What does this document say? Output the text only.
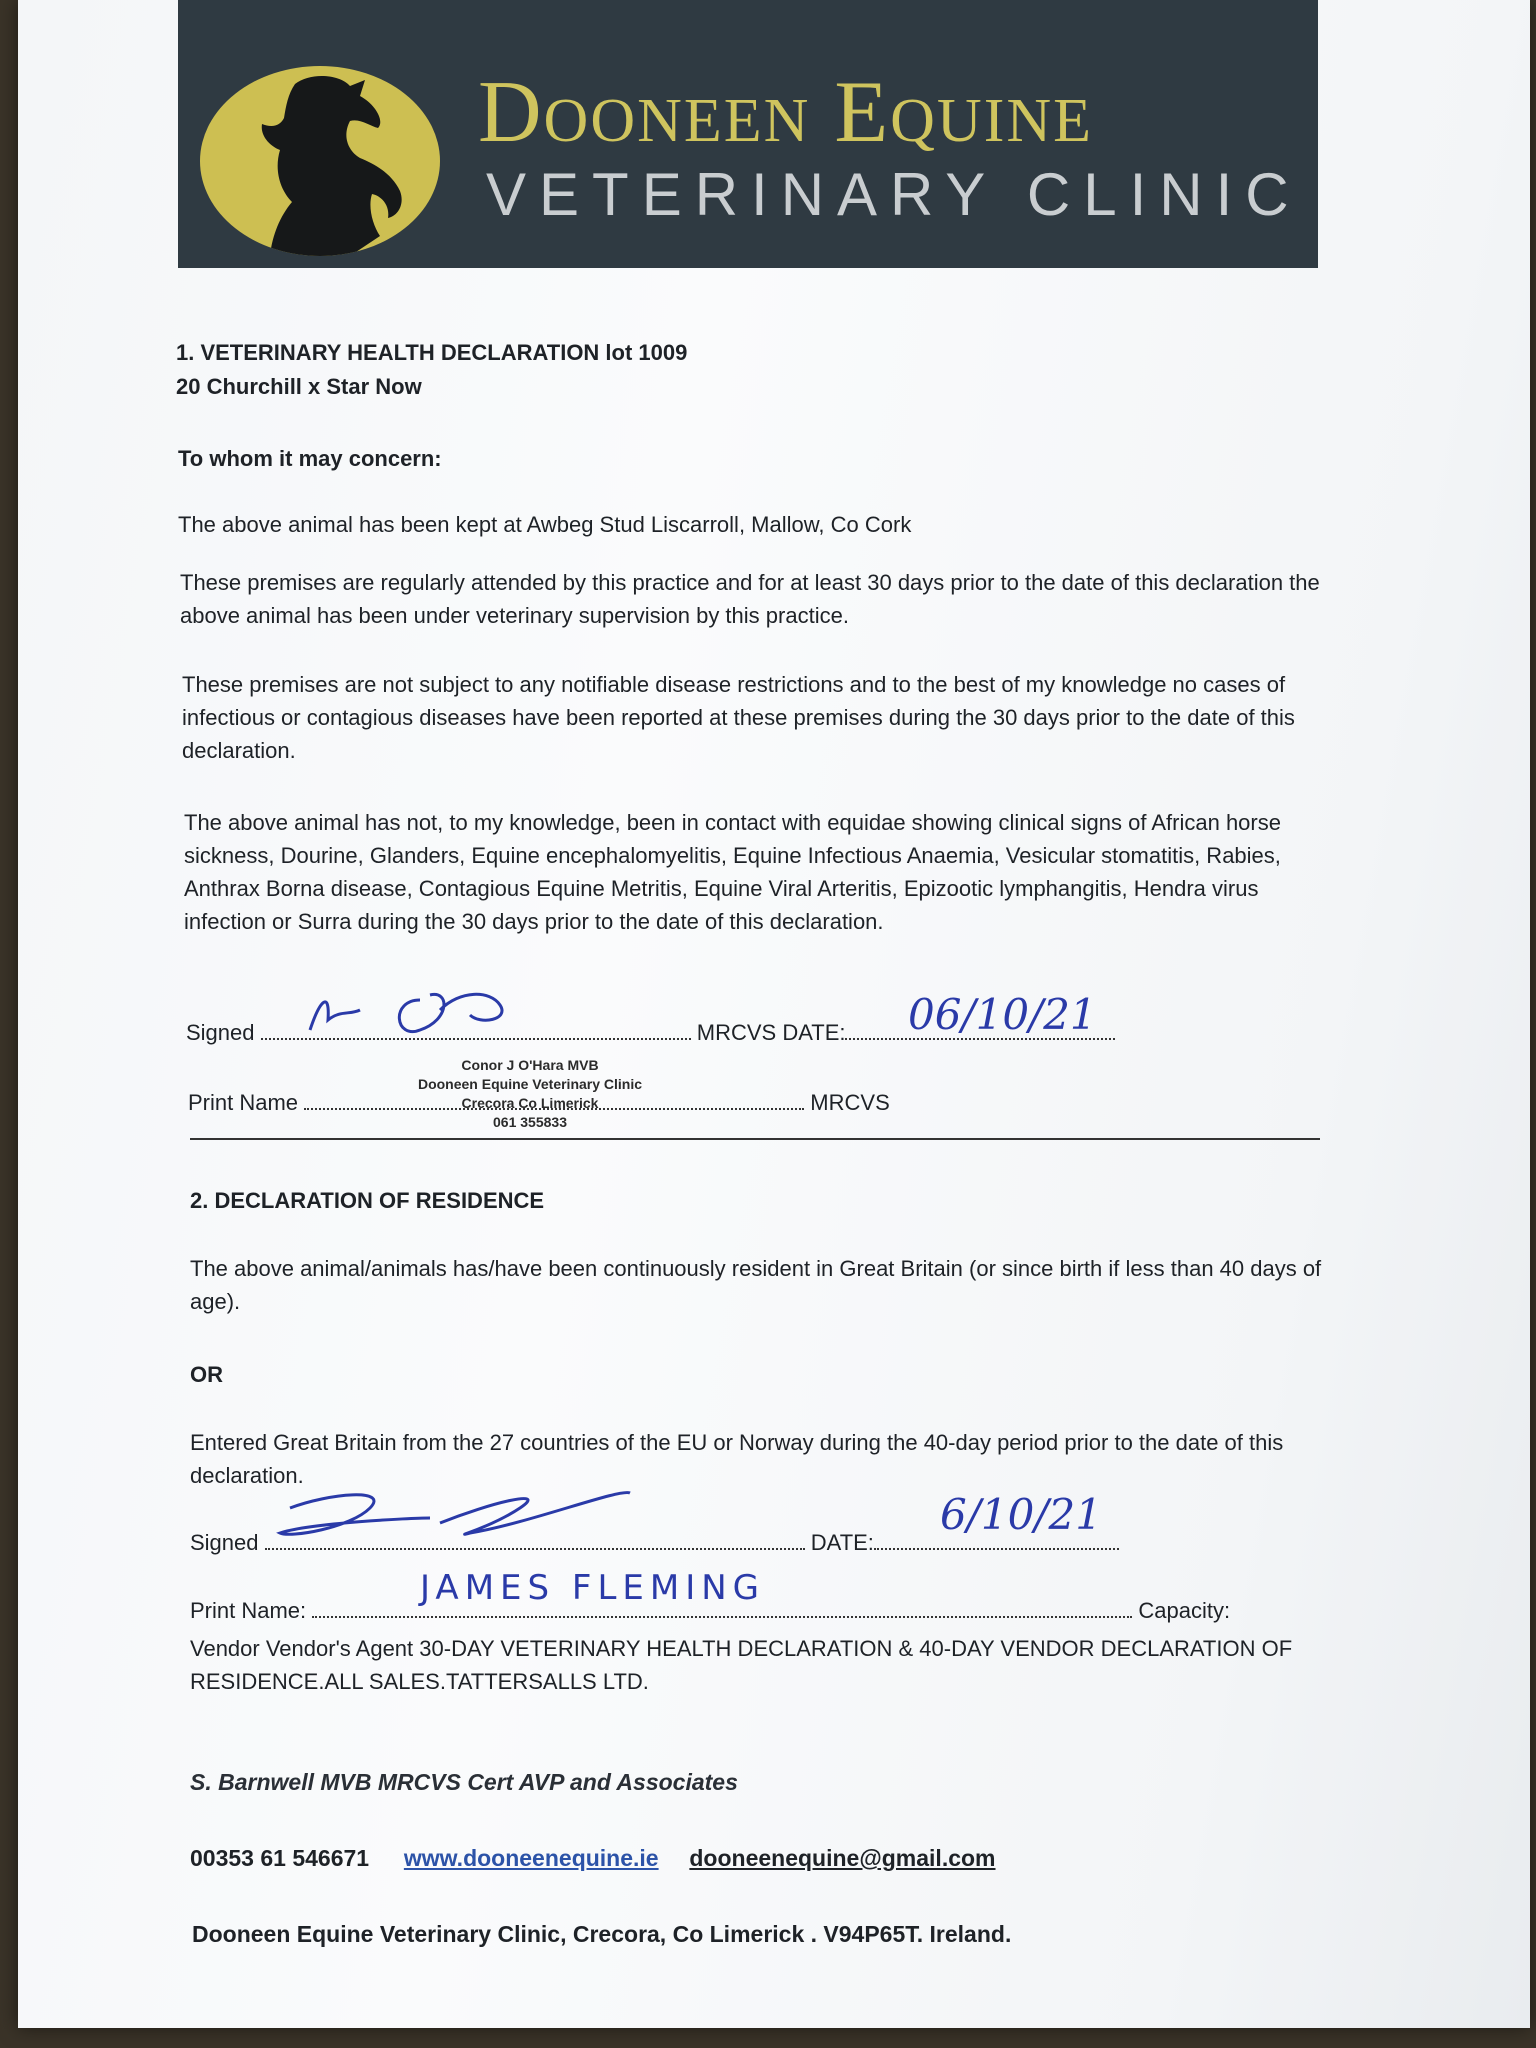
Dooneen Equine
VETERINARY CLINIC
1. VETERINARY HEALTH DECLARATION lot 1009
20 Churchill x Star Now
To whom it may concern:
The above animal has been kept at Awbeg Stud Liscarroll, Mallow, Co Cork
These premises are regularly attended by this practice and for at least 30 days prior to the date of this declaration the above animal has been under veterinary supervision by this practice.
These premises are not subject to any notifiable disease restrictions and to the best of my knowledge no cases of infectious or contagious diseases have been reported at these premises during the 30 days prior to the date of this declaration.
The above animal has not, to my knowledge, been in contact with equidae showing clinical signs of African horse sickness, Dourine, Glanders, Equine encephalomyelitis, Equine Infectious Anaemia, Vesicular stomatitis, Rabies, Anthrax Borna disease, Contagious Equine Metritis, Equine Viral Arteritis, Epizootic lymphangitis, Hendra virus infection or Surra during the 30 days prior to the date of this declaration.
Signed	MRCVS DATE:	06/10/21
Print Name	MRCVS
Conor J O'Hara MVB
Dooneen Equine Veterinary Clinic
Crecora Co Limerick
061 355833
2. DECLARATION OF RESIDENCE
The above animal/animals has/have been continuously resident in Great Britain (or since birth if less than 40 days of age).
OR
Entered Great Britain from the 27 countries of the EU or Norway during the 40-day period prior to the date of this declaration.
Signed	DATE:
6/10/21
Print Name:	Capacity:
JAMES FLEMING
Vendor Vendor's Agent 30-DAY VETERINARY HEALTH DECLARATION & 40-DAY VENDOR DECLARATION OF RESIDENCE.ALL SALES.TATTERSALLS LTD.
S. Barnwell MVB MRCVS Cert AVP and Associates
00353 61 546671 www.dooneenequine.ie dooneenequine@gmail.com
Dooneen Equine Veterinary Clinic, Crecora, Co Limerick . V94P65T. Ireland.
